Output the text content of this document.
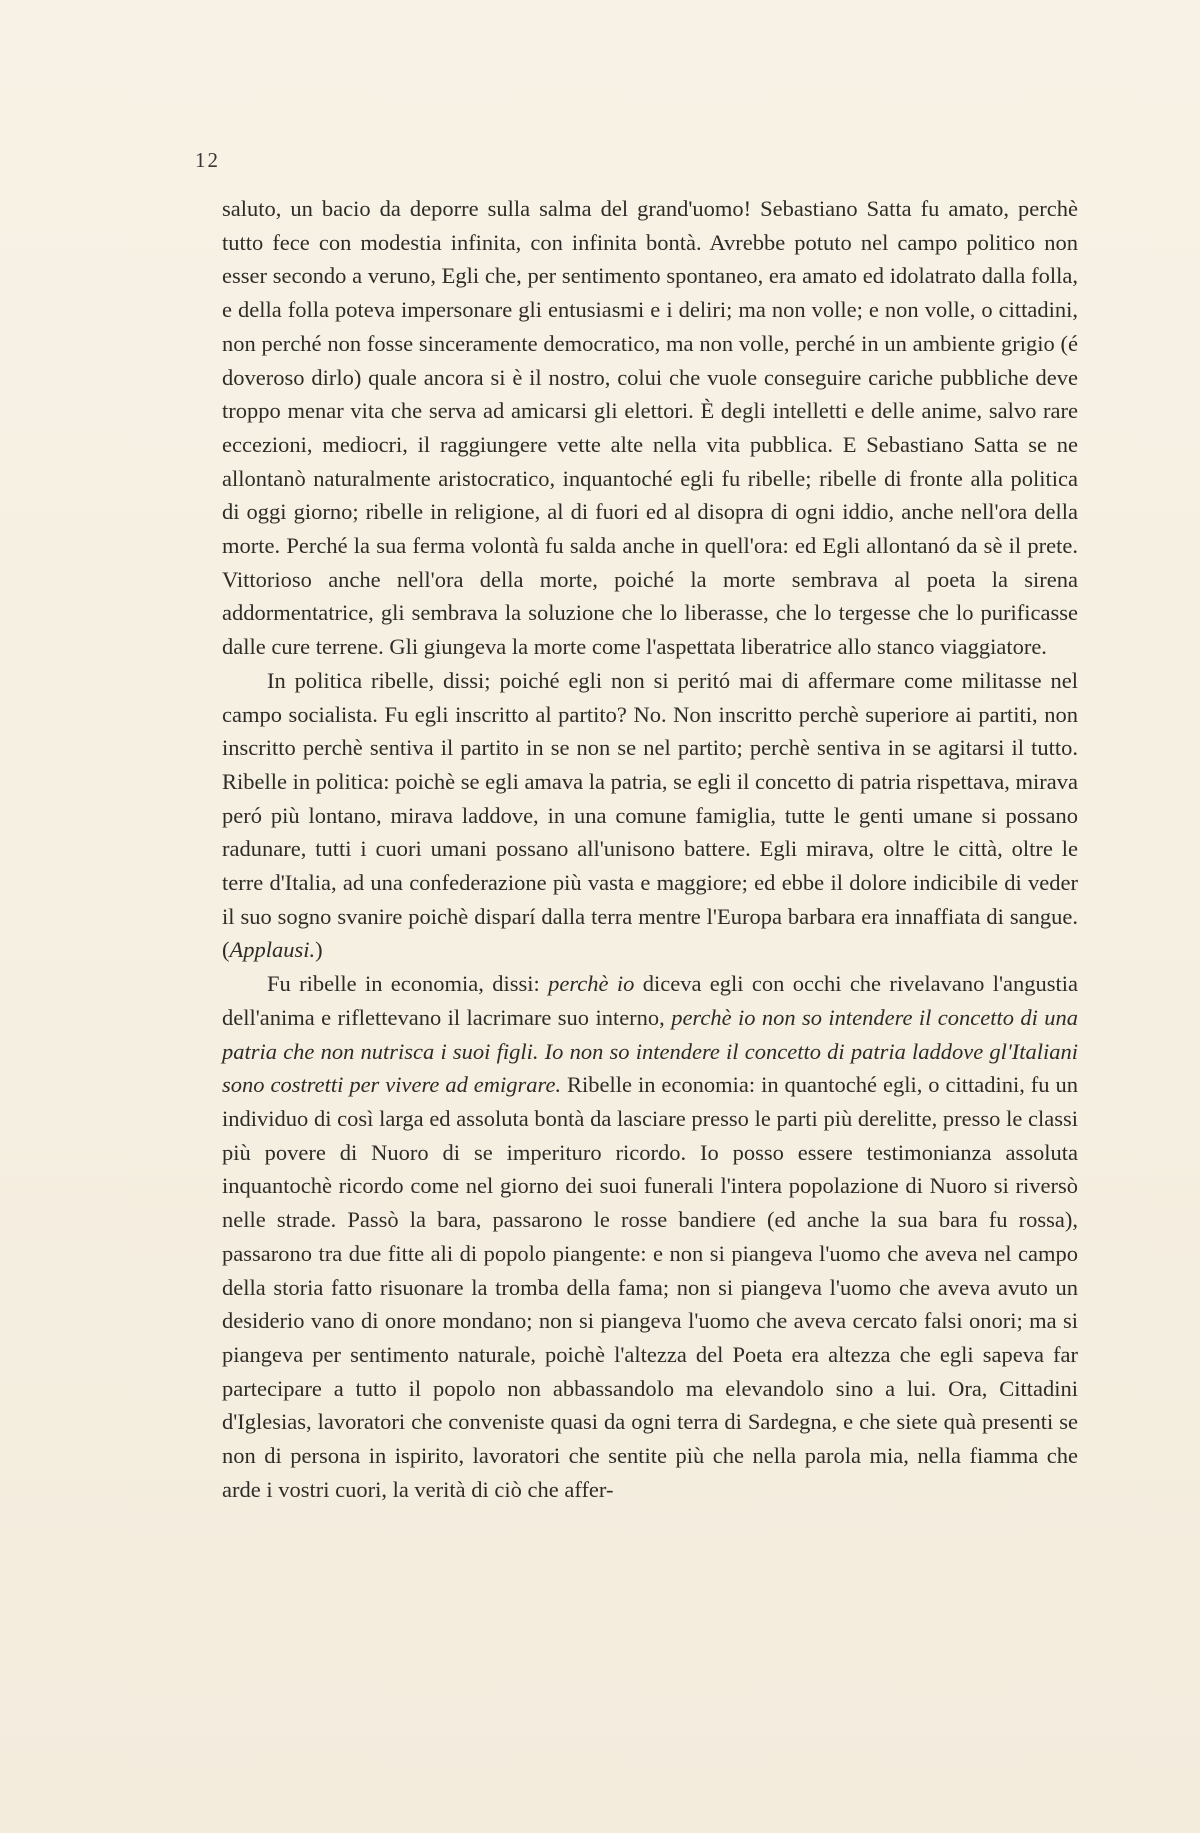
12

saluto, un bacio da deporre sulla salma del grand'uomo! Sebastiano Satta fu amato, perchè tutto fece con modestia infinita, con infinita bontà. Avrebbe potuto nel campo politico non esser secondo a veruno, Egli che, per sentimento spontaneo, era amato ed idolatrato dalla folla, e della folla poteva impersonare gli entusiasmi e i deliri; ma non volle; e non volle, o cittadini, non perché non fosse sinceramente democratico, ma non volle, perché in un ambiente grigio (é doveroso dirlo) quale ancora si è il nostro, colui che vuole conseguire cariche pubbliche deve troppo menar vita che serva ad amicarsi gli elettori. È degli intelletti e delle anime, salvo rare eccezioni, mediocri, il raggiungere vette alte nella vita pubblica. E Sebastiano Satta se ne allontanò naturalmente aristocratico, inquantoché egli fu ribelle; ribelle di fronte alla politica di oggi giorno; ribelle in religione, al di fuori ed al disopra di ogni iddio, anche nell'ora della morte. Perché la sua ferma volontà fu salda anche in quell'ora: ed Egli allontanó da sè il prete. Vittorioso anche nell'ora della morte, poiché la morte sembrava al poeta la sirena addormentatrice, gli sembrava la soluzione che lo liberasse, che lo tergesse che lo purificasse dalle cure terrene. Gli giungeva la morte come l'aspettata liberatrice allo stanco viaggiatore.

In politica ribelle, dissi; poiché egli non si peritó mai di affermare come militasse nel campo socialista. Fu egli inscritto al partito? No. Non inscritto perchè superiore ai partiti, non inscritto perchè sentiva il partito in se non se nel partito; perchè sentiva in se agitarsi il tutto. Ribelle in politica: poichè se egli amava la patria, se egli il concetto di patria rispettava, mirava peró più lontano, mirava laddove, in una comune famiglia, tutte le genti umane si possano radunare, tutti i cuori umani possano all'unisono battere. Egli mirava, oltre le città, oltre le terre d'Italia, ad una confederazione più vasta e maggiore; ed ebbe il dolore indicibile di veder il suo sogno svanire poichè disparí dalla terra mentre l'Europa barbara era innaffiata di sangue. (Applausi.)

Fu ribelle in economia, dissi: perchè io diceva egli con occhi che rivelavano l'angustia dell'anima e riflettevano il lacrimare suo interno, perchè io non so intendere il concetto di una patria che non nutrisca i suoi figli. Io non so intendere il concetto di patria laddove gl'Italiani sono costretti per vivere ad emigrare. Ribelle in economia: in quantoché egli, o cittadini, fu un individuo di così larga ed assoluta bontà da lasciare presso le parti più derelitte, presso le classi più povere di Nuoro di se imperituro ricordo. Io posso essere testimonianza assoluta inquantochè ricordo come nel giorno dei suoi funerali l'intera popolazione di Nuoro si riversò nelle strade. Passò la bara, passarono le rosse bandiere (ed anche la sua bara fu rossa), passarono tra due fitte ali di popolo piangente: e non si piangeva l'uomo che aveva nel campo della storia fatto risuonare la tromba della fama; non si piangeva l'uomo che aveva avuto un desiderio vano di onore mondano; non si piangeva l'uomo che aveva cercato falsi onori; ma si piangeva per sentimento naturale, poichè l'altezza del Poeta era altezza che egli sapeva far partecipare a tutto il popolo non abbassandolo ma elevandolo sino a lui. Ora, Cittadini d'Iglesias, lavoratori che conveniste quasi da ogni terra di Sardegna, e che siete quà presenti se non di persona in ispirito, lavoratori che sentite più che nella parola mia, nella fiamma che arde i vostri cuori, la verità di ciò che affer-
